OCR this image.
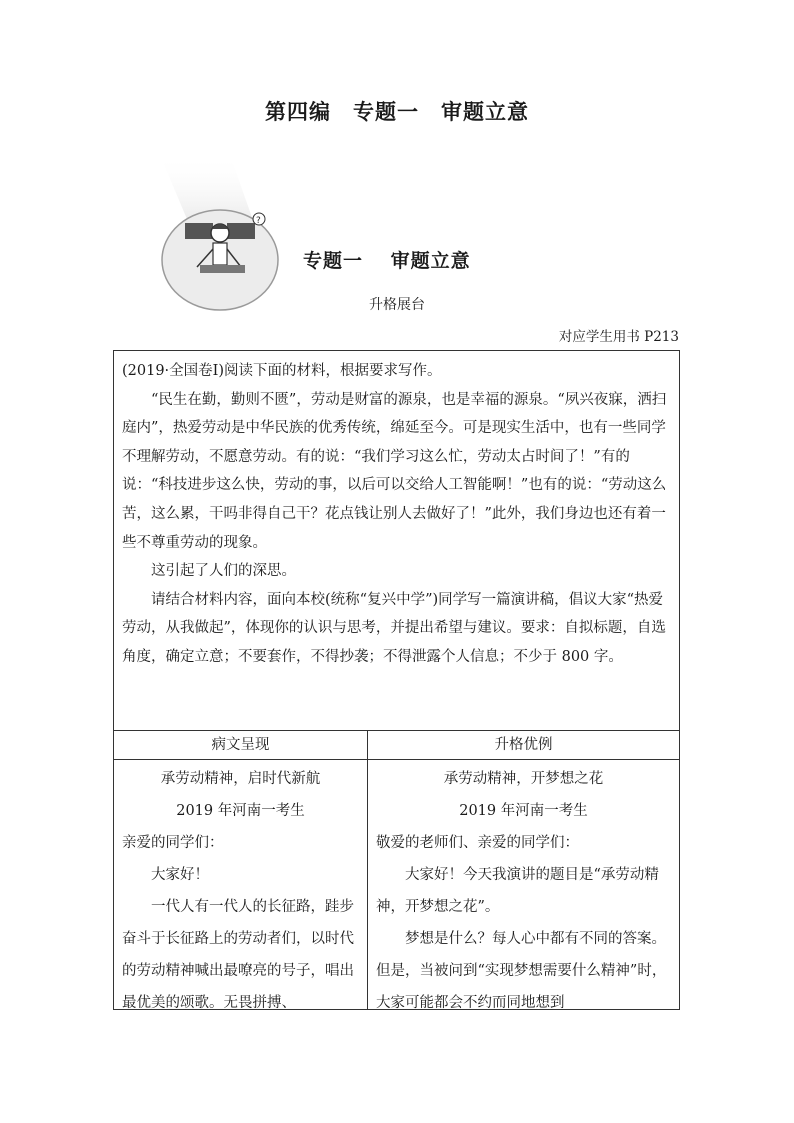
第四编　专题一　审题立意
?
专题一　 审题立意
升格展台
对应学生用书 P213

(2019·全国卷Ⅰ)阅读下面的材料，根据要求写作。

“民生在勤，勤则不匮”，劳动是财富的源泉，也是幸福的源泉。“夙兴夜寐，洒扫庭内”，热爱劳动是中华民族的优秀传统，绵延至今。可是现实生活中，也有一些同学不理解劳动，不愿意劳动。有的说：“我们学习这么忙，劳动太占时间了！”有的说：“科技进步这么快，劳动的事，以后可以交给人工智能啊！”也有的说：“劳动这么苦，这么累，干吗非得自己干？花点钱让别人去做好了！”此外，我们身边也还有着一些不尊重劳动的现象。

这引起了人们的深思。

请结合材料内容，面向本校(统称“复兴中学”)同学写一篇演讲稿，倡议大家“热爱劳动，从我做起”，体现你的认识与思考，并提出希望与建议。要求：自拟标题，自选角度，确定立意；不要套作，不得抄袭；不得泄露个人信息；不少于 800 字。

病文呈现

承劳动精神，启时代新航

2019 年河南一考生

亲爱的同学们：

大家好！

一代人有一代人的长征路，跬步奋斗于长征路上的劳动者们，以时代的劳动精神喊出最嘹亮的号子，唱出最优美的颂歌。无畏拼搏、

升格优例

承劳动精神，开梦想之花

2019 年河南一考生

敬爱的老师们、亲爱的同学们：

大家好！今天我演讲的题目是“承劳动精神，开梦想之花”。

梦想是什么？每人心中都有不同的答案。但是，当被问到“实现梦想需要什么精神”时，大家可能都会不约而同地想到
